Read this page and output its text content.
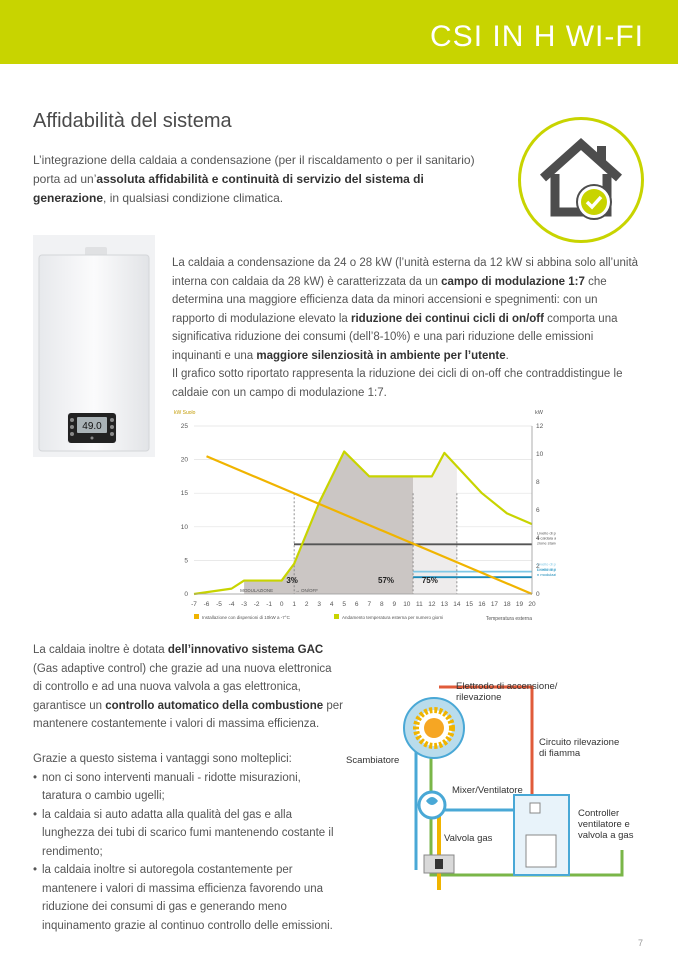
CSI IN H WI-FI
Affidabilità del sistema
L’integrazione della caldaia a condensazione (per il riscaldamento o per il sanitario) porta ad un’assoluta affidabilità e continuità di servizio del sistema di generazione, in qualsiasi condizione climatica.
49.0
La caldaia a condensazione da 24 o 28 kW (l’unità esterna da 12 kW si abbina solo all’unità interna con caldaia da 28 kW) è caratterizzata da un campo di modulazione 1:7 che determina una maggiore efficienza data da minori accensioni e spegnimenti: con un rapporto di modulazione elevato la riduzione dei continui cicli di on/off comporta una significativa riduzione dei consumi (dell’8-10%) e una pari riduzione delle emissioni inquinanti e una maggiore silenziosità in ambiente per l’utente.
Il grafico sotto riportato rappresenta la riduzione dei cicli di on-off che contraddistingue le caldaie con un campo di modulazione 1:7.
25
20
15
10
5
0
12
10
8
6
4
2
0
-7 -6 -5 -4 -3 -2 -1 0 1 2 3 4 5 6 7 8 9 10 11 12 13 14 15 16 17 18 19 20
kW Suolo	kW
Temperatura esterna
3%	57%	75%
MODULAZIONE	→ ON/OFF
Livello di p
a caldaia a
zione stan
Livello di p
n modulazi
Livello di p
n modulazi
Installazione con dispersioni di 10kW a -7°C	Andamento temperatura esterna per numero giorni
La caldaia inoltre è dotata dell’innovativo sistema GAC (Gas adaptive control) che grazie ad una nuova elettronica di controllo e ad una nuova valvola a gas elettronica, garantisce un controllo automatico della combustione per mantenere costantemente i valori di massima efficienza.
Grazie a questo sistema i vantaggi sono molteplici:
• non ci sono interventi manuali - ridotte misurazioni, taratura o cambio ugelli;
• la caldaia si auto adatta alla qualità del gas e alla lunghezza dei tubi di scarico fumi mantenendo costante il rendimento;
• la caldaia inoltre si autoregola costantemente per mantenere i valori di massima efficienza favorendo una riduzione dei consumi di gas e generando meno inquinamento grazie al continuo controllo delle emissioni.
Elettrodo di accensione/
rilevazione
Scambiatore
Circuito rilevazione
di fiamma
Mixer/Ventilatore
Controller
ventilatore e
valvola a gas
Valvola gas
7
